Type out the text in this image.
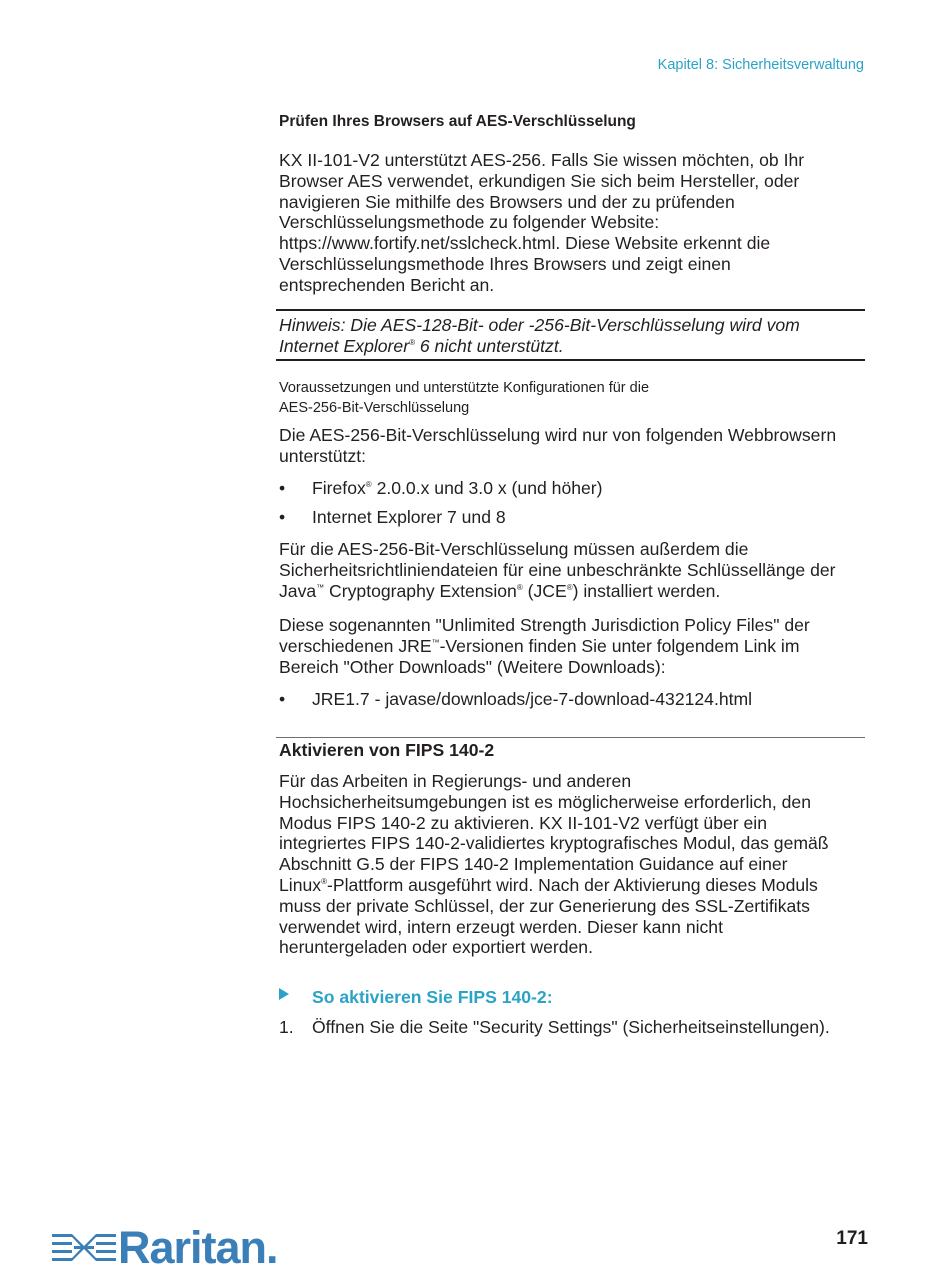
Kapitel 8: Sicherheitsverwaltung
Prüfen Ihres Browsers auf AES-Verschlüsselung
KX II-101-V2 unterstützt AES-256. Falls Sie wissen möchten, ob Ihr
Browser AES verwendet, erkundigen Sie sich beim Hersteller, oder
navigieren Sie mithilfe des Browsers und der zu prüfenden
Verschlüsselungsmethode zu folgender Website:
https://www.fortify.net/sslcheck.html. Diese Website erkennt die
Verschlüsselungsmethode Ihres Browsers und zeigt einen
entsprechenden Bericht an.
Hinweis: Die AES-128-Bit- oder -256-Bit-Verschlüsselung wird vom
Internet Explorer® 6 nicht unterstützt.
Voraussetzungen und unterstützte Konfigurationen für die
AES-256-Bit-Verschlüsselung
Die AES-256-Bit-Verschlüsselung wird nur von folgenden Webbrowsern
unterstützt:
• Firefox® 2.0.0.x und 3.0 x (und höher)
• Internet Explorer 7 und 8
Für die AES-256-Bit-Verschlüsselung müssen außerdem die
Sicherheitsrichtliniendateien für eine unbeschränkte Schlüssellänge der
Java™ Cryptography Extension® (JCE®) installiert werden.
Diese sogenannten "Unlimited Strength Jurisdiction Policy Files" der
verschiedenen JRE™-Versionen finden Sie unter folgendem Link im
Bereich "Other Downloads" (Weitere Downloads):
• JRE1.7 - javase/downloads/jce-7-download-432124.html
Aktivieren von FIPS 140-2
Für das Arbeiten in Regierungs- und anderen
Hochsicherheitsumgebungen ist es möglicherweise erforderlich, den
Modus FIPS 140-2 zu aktivieren. KX II-101-V2 verfügt über ein
integriertes FIPS 140-2-validiertes kryptografisches Modul, das gemäß
Abschnitt G.5 der FIPS 140-2 Implementation Guidance auf einer
Linux®-Plattform ausgeführt wird. Nach der Aktivierung dieses Moduls
muss der private Schlüssel, der zur Generierung des SSL-Zertifikats
verwendet wird, intern erzeugt werden. Dieser kann nicht
heruntergeladen oder exportiert werden.
So aktivieren Sie FIPS 140-2:
1. Öffnen Sie die Seite "Security Settings" (Sicherheitseinstellungen).
Raritan.	171
